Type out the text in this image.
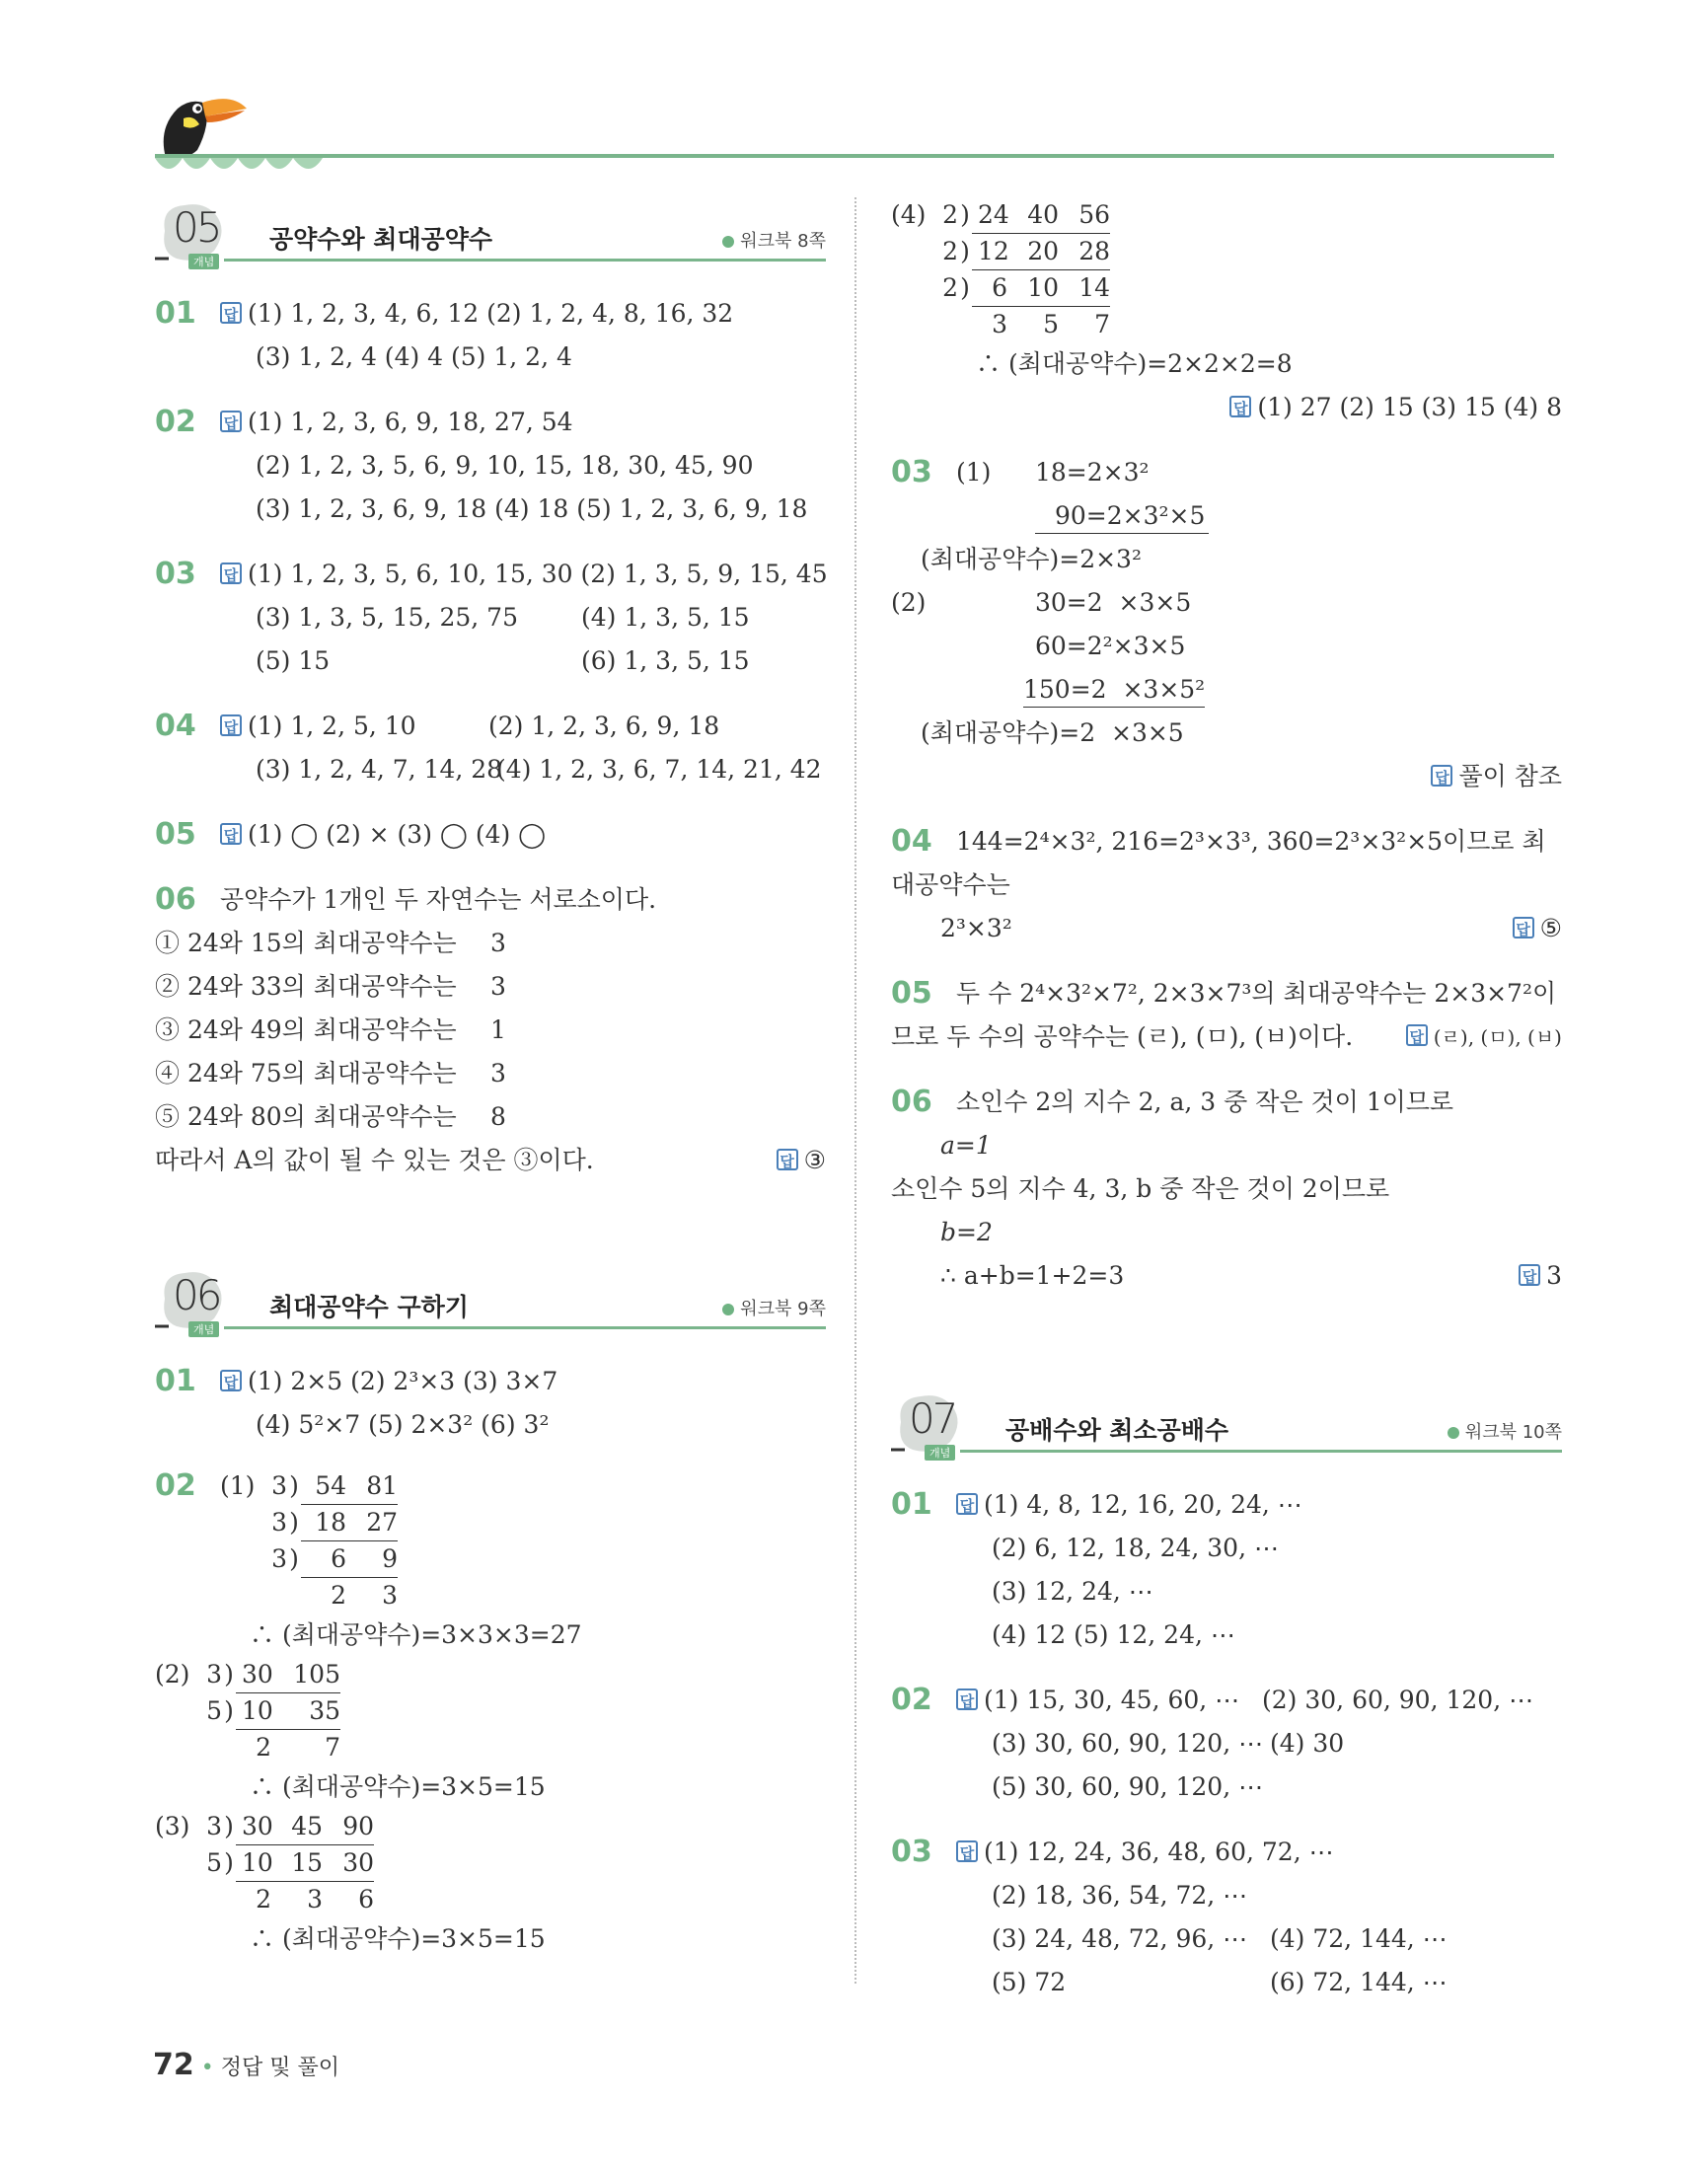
05
개념
공약수와 최대공약수	워크북 8쪽
01 답 (1) 1, 2, 3, 4, 6, 12 (2) 1, 2, 4, 8, 16, 32
(3) 1, 2, 4 (4) 4 (5) 1, 2, 4
02 답 (1) 1, 2, 3, 6, 9, 18, 27, 54
(2) 1, 2, 3, 5, 6, 9, 10, 15, 18, 30, 45, 90
(3) 1, 2, 3, 6, 9, 18 (4) 18 (5) 1, 2, 3, 6, 9, 18
03 답 (1) 1, 2, 3, 5, 6, 10, 15, 30 (2) 1, 3, 5, 9, 15, 45
(3) 1, 3, 5, 15, 25, 75	(4) 1, 3, 5, 15
(5) 15	(6) 1, 3, 5, 15
04 답 (1) 1, 2, 5, 10	(2) 1, 2, 3, 6, 9, 18
(3) 1, 2, 4, 7, 14, 28(4) 1, 2, 3, 6, 7, 14, 21, 42
05 답 (1) ◯ (2) × (3) ◯ (4) ◯
06 공약수가 1개인 두 자연수는 서로소이다.
① 24와 15의 최대공약수는 3
② 24와 33의 최대공약수는 3
③ 24와 49의 최대공약수는 1
④ 24와 75의 최대공약수는 3
⑤ 24와 80의 최대공약수는 8
따라서 A의 값이 될 수 있는 것은 ③이다.	답 ③
06
개념
최대공약수 구하기	워크북 9쪽
01 답 (1) 2×5 (2) 2³×3 (3) 3×7
(4) 5²×7 (5) 2×3² (6) 3²
02 (1) 3 ) 54 81
3 ) 18 27
3 )	6	9
2	3
∴ (최대공약수)=3×3×3=27
(2) 3 ) 30 105
5 ) 10	35
2	7
∴ (최대공약수)=3×5=15
(3) 3 ) 30 45 90
5 ) 10 15 30
2	3	6
∴ (최대공약수)=3×5=15
(4) 2 ) 24 40 56
2 ) 12 20 28
2 ) 6 10 14
3	5	7
∴ (최대공약수)=2×2×2=8
답 (1) 27 (2) 15 (3) 15 (4) 8
03 (1) 18=2×3²
90=2×3²×5
(최대공약수)=2×3²
(2)	30=2  ×3×5
60=2²×3×5
150=2  ×3×5²
(최대공약수)=2  ×3×5
답 풀이 참조
04 144=2⁴×3², 216=2³×3³, 360=2³×3²×5이므로 최
대공약수는
2³×3²	답 ⑤
05 두 수 2⁴×3²×7², 2×3×7³의 최대공약수는 2×3×7²이
므로 두 수의 공약수는 (ㄹ), (ㅁ), (ㅂ)이다.	답 (ㄹ), (ㅁ), (ㅂ)
06 소인수 2의 지수 2, a, 3 중 작은 것이 1이므로
a=1
소인수 5의 지수 4, 3, b 중 작은 것이 2이므로
b=2
∴ a+b=1+2=3	답 3
07
개념
공배수와 최소공배수	워크북 10쪽
01 답 (1) 4, 8, 12, 16, 20, 24, ⋯
(2) 6, 12, 18, 24, 30, ⋯
(3) 12, 24, ⋯
(4) 12 (5) 12, 24, ⋯
02 답 (1) 15, 30, 45, 60, ⋯ (2) 30, 60, 90, 120, ⋯
(3) 30, 60, 90, 120, ⋯ (4) 30
(5) 30, 60, 90, 120, ⋯
03 답 (1) 12, 24, 36, 48, 60, 72, ⋯
(2) 18, 36, 54, 72, ⋯
(3) 24, 48, 72, 96, ⋯ (4) 72, 144, ⋯
(5) 72	(6) 72, 144, ⋯
72 • 정답 및 풀이
